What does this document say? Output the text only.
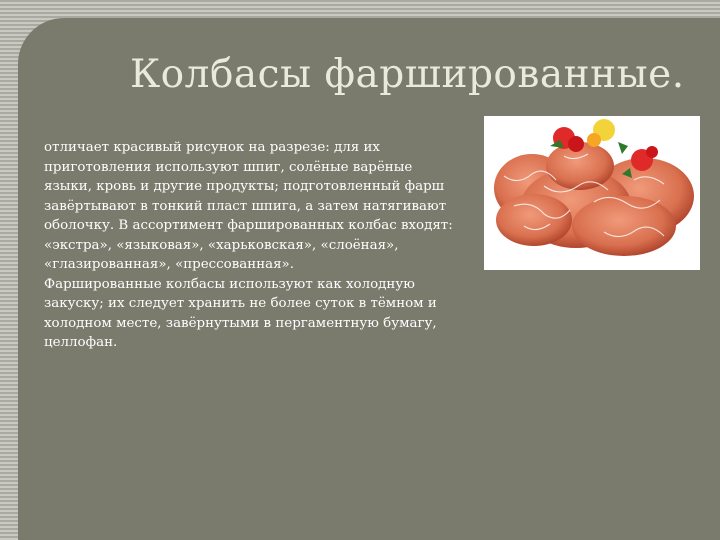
Колбасы фаршированные.

отличает красивый рисунок на разрезе: для их приготовления используют шпиг, солёные варёные языки, кровь и другие продукты; подготовленный фарш завёртывают в тонкий пласт шпига, а затем натягивают оболочку. В ассортимент фаршированных колбас входят: «экстра», «языковая», «харьковская», «слоёная», «глазированная», «прессованная».

Фаршированные колбасы используют как холодную закуску; их следует хранить не более суток в тёмном и холодном месте, завёрнутыми в пергаментную бумагу, целлофан.
